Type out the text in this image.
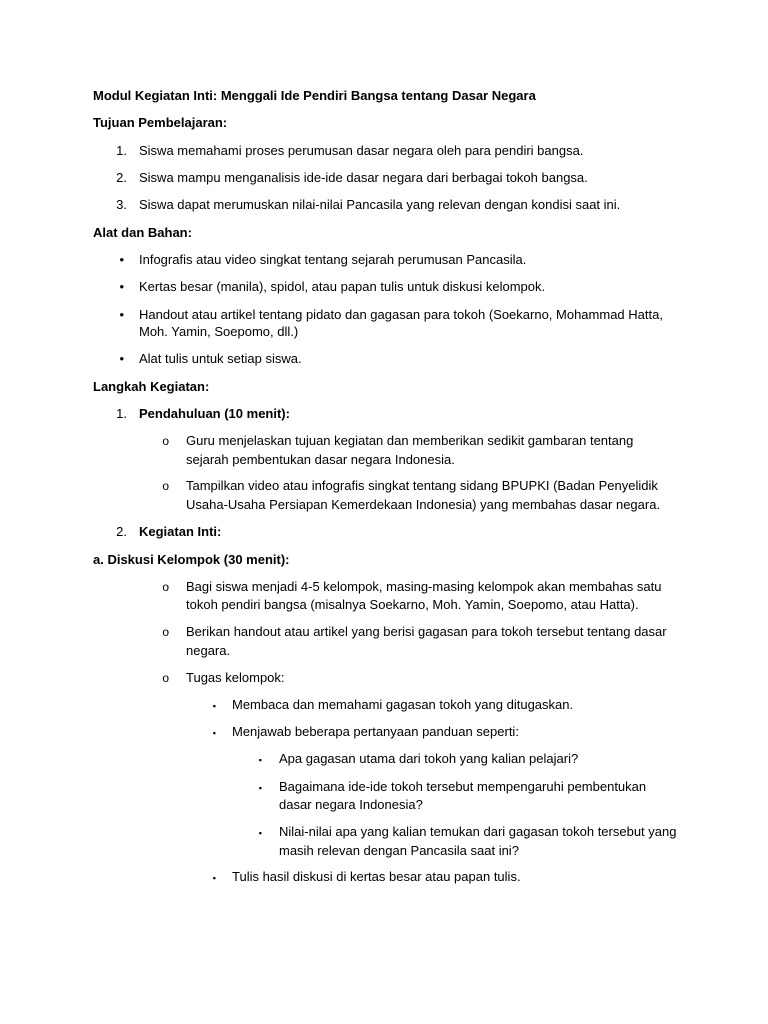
Modul Kegiatan Inti: Menggali Ide Pendiri Bangsa tentang Dasar Negara
Tujuan Pembelajaran:
1. Siswa memahami proses perumusan dasar negara oleh para pendiri bangsa.
2. Siswa mampu menganalisis ide-ide dasar negara dari berbagai tokoh bangsa.
3. Siswa dapat merumuskan nilai-nilai Pancasila yang relevan dengan kondisi saat ini.
Alat dan Bahan:
• Infografis atau video singkat tentang sejarah perumusan Pancasila.
• Kertas besar (manila), spidol, atau papan tulis untuk diskusi kelompok.
• Handout atau artikel tentang pidato dan gagasan para tokoh (Soekarno, Mohammad Hatta,
Moh. Yamin, Soepomo, dll.)
• Alat tulis untuk setiap siswa.
Langkah Kegiatan:
1. Pendahuluan (10 menit):
o Guru menjelaskan tujuan kegiatan dan memberikan sedikit gambaran tentang
sejarah pembentukan dasar negara Indonesia.
o Tampilkan video atau infografis singkat tentang sidang BPUPKI (Badan Penyelidik
Usaha-Usaha Persiapan Kemerdekaan Indonesia) yang membahas dasar negara.
2. Kegiatan Inti:
a. Diskusi Kelompok (30 menit):
o Bagi siswa menjadi 4-5 kelompok, masing-masing kelompok akan membahas satu
tokoh pendiri bangsa (misalnya Soekarno, Moh. Yamin, Soepomo, atau Hatta).
o Berikan handout atau artikel yang berisi gagasan para tokoh tersebut tentang dasar
negara.
o Tugas kelompok:
▪ Membaca dan memahami gagasan tokoh yang ditugaskan.
▪ Menjawab beberapa pertanyaan panduan seperti:
▪ Apa gagasan utama dari tokoh yang kalian pelajari?
▪ Bagaimana ide-ide tokoh tersebut mempengaruhi pembentukan
dasar negara Indonesia?
▪ Nilai-nilai apa yang kalian temukan dari gagasan tokoh tersebut yang
masih relevan dengan Pancasila saat ini?
▪ Tulis hasil diskusi di kertas besar atau papan tulis.
